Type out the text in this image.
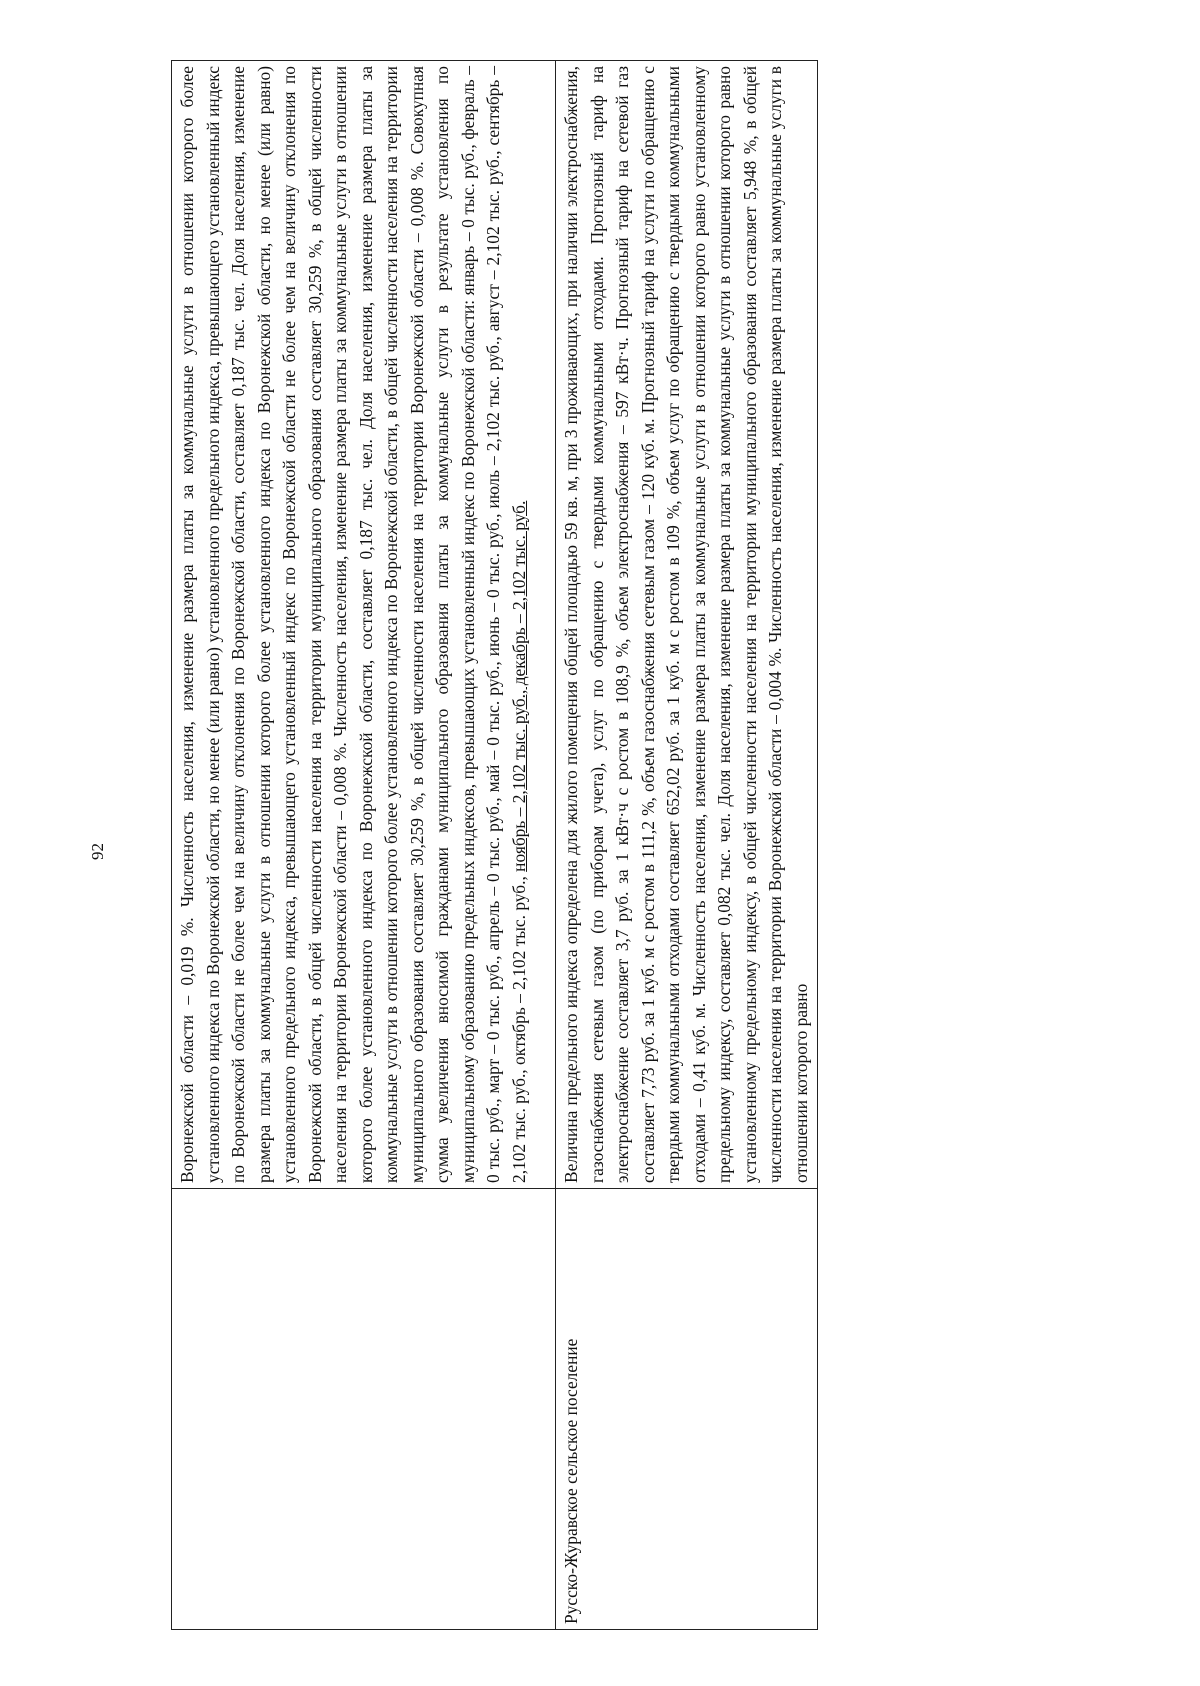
92
		Воронежской области – 0,019 %. Численность населения, изменение размера платы за коммунальные услуги в отношении которого более установленного индекса по Воронежской области, но менее (или равно) установленного предельного индекса, превышающего установленный индекс по Воронежской области не более чем на величину отклонения по Воронежской области, составляет 0,187 тыс. чел. Доля населения, изменение размера платы за коммунальные услуги в отношении которого более установленного индекса по Воронежской области, но менее (или равно) установленного предельного индекса, превышающего установленный индекс по Воронежской области не более чем на величину отклонения по Воронежской области, в общей численности населения на территории муниципального образования составляет 30,259 %, в общей численности населения на территории Воронежской области – 0,008 %. Численность населения, изменение размера платы за коммунальные услуги в отношении которого более установленного индекса по Воронежской области, составляет 0,187 тыс. чел. Доля населения, изменение размера платы за коммунальные услуги в отношении которого более установленного индекса по Воронежской области, в общей численности населения на территории муниципального образования составляет 30,259 %, в общей численности населения на территории Воронежской области – 0,008 %. Совокупная сумма увеличения вносимой гражданами муниципального образования платы за коммунальные услуги в результате установления по муниципальному образованию предельных индексов, превышающих установленный индекс по Воронежской области: январь – 0 тыс. руб., февраль – 0 тыс. руб., март – 0 тыс. руб., апрель – 0 тыс. руб., май – 0 тыс. руб., июнь – 0 тыс. руб., июль – 2,102 тыс. руб., август – 2,102 тыс. руб., сентябрь – 2,102 тыс. руб., октябрь – 2,102 тыс. руб., ноябрь – 2,102 тыс. руб., декабрь – 2,102 тыс. руб.
Русско-Журавское сельское поселение	Величина предельного индекса определена для жилого помещения общей площадью 59 кв. м, при 3 проживающих, при наличии электроснабжения, газоснабжения сетевым газом (по приборам учета), услуг по обращению с твердыми коммунальными отходами. Прогнозный тариф на электроснабжение составляет 3,7 руб. за 1 кВт·ч с ростом в 108,9 %, объем электроснабжения – 597 кВт·ч. Прогнозный тариф на сетевой газ составляет 7,73 руб. за 1 куб. м с ростом в 111,2 %, объем газоснабжения сетевым газом – 120 куб. м. Прогнозный тариф на услуги по обращению с твердыми коммунальными отходами составляет 652,02 руб. за 1 куб. м с ростом в 109 %, объем услуг по обращению с твердыми коммунальными отходами – 0,41 куб. м. Численность населения, изменение размера платы за коммунальные услуги в отношении которого равно установленному предельному индексу, составляет 0,082 тыс. чел. Доля населения, изменение размера платы за коммунальные услуги в отношении которого равно установленному предельному индексу, в общей численности населения на территории муниципального образования составляет 5,948 %, в общей численности населения на территории Воронежской области – 0,004 %. Численность населения, изменение размера платы за коммунальные услуги в отношении которого равно
